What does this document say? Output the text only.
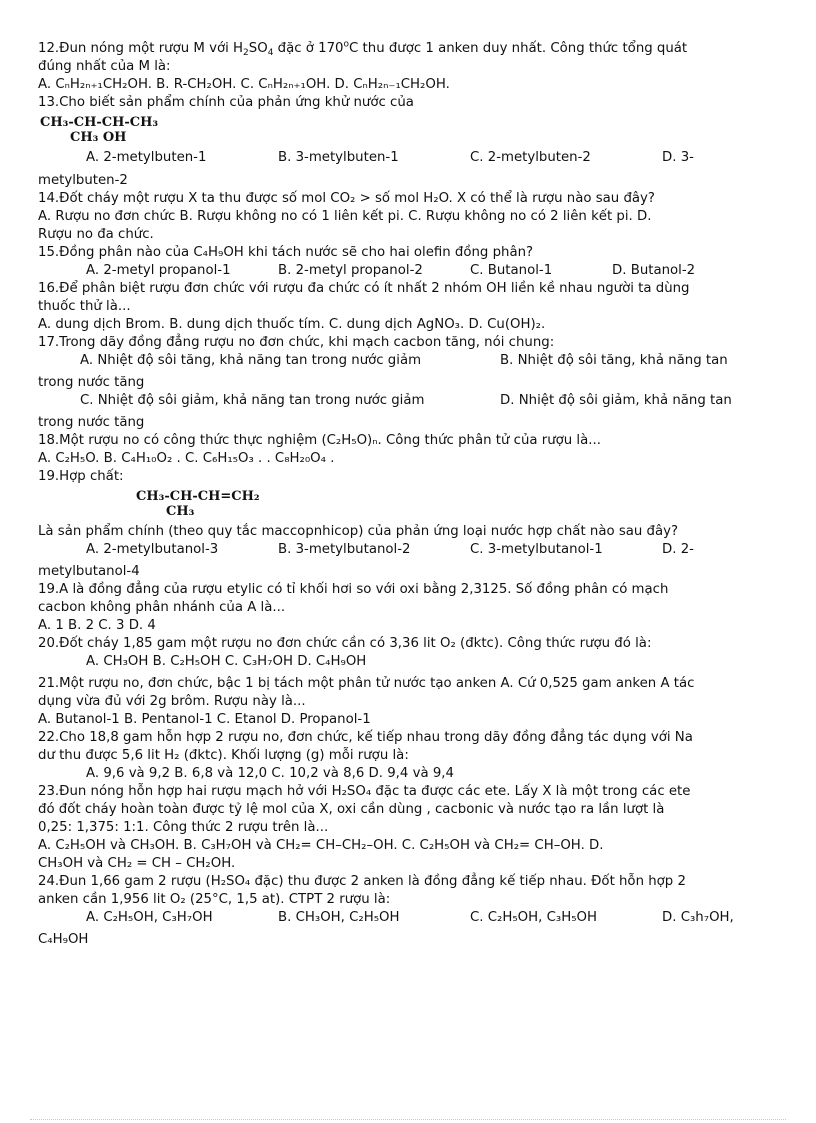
12.Đun nóng một rượu M với $H_2SO_4$ đặc ở 170$^o$C thu được 1 anken duy nhất. Công thức tổng quát
đúng nhất của M là:
A. CₙH₂ₙ₊₁CH₂OH. B. R-CH₂OH. C. CₙH₂ₙ₊₁OH. D. CₙH₂ₙ₋₁CH₂OH.
13.Cho biết sản phẩm chính của phản ứng khử nước của
CH₃-CH-CH-CH₃
CH₃ OH
A. 2-metylbuten-1	B. 3-metylbuten-1	C. 2-metylbuten-2	D. 3-
metylbuten-2
14.Đốt cháy một rượu X ta thu được số mol CO₂ > số mol H₂O. X có thể là rượu nào sau đây?
A. Rượu no đơn chức B. Rượu không no có 1 liên kết pi. C. Rượu không no có 2 liên kết pi. D.
Rượu no đa chức.
15.Đồng phân nào của C₄H₉OH khi tách nước sẽ cho hai olefin đồng phân?
A. 2-metyl propanol-1	B. 2-metyl propanol-2	C. Butanol-1	D. Butanol-2
16.Để phân biệt rượu đơn chức với rượu đa chức có ít nhất 2 nhóm OH liền kề nhau người ta dùng
thuốc thử là...
A. dung dịch Brom. B. dung dịch thuốc tím. C. dung dịch AgNO₃. D. Cu(OH)₂.
17.Trong dãy đồng đẳng rượu no đơn chức, khi mạch cacbon tăng, nói chung:
A. Nhiệt độ sôi tăng, khả năng tan trong nước giảm	B. Nhiệt độ sôi tăng, khả năng tan
trong nước tăng
C. Nhiệt độ sôi giảm, khả năng tan trong nước giảm	D. Nhiệt độ sôi giảm, khả năng tan
trong nước tăng
18.Một rượu no có công thức thực nghiệm (C₂H₅O)ₙ. Công thức phân tử của rượu là...
A. C₂H₅O. B. C₄H₁₀O₂ . C. C₆H₁₅O₃ . . C₈H₂₀O₄ .
19.Hợp chất:
CH₃-CH-CH=CH₂
CH₃
Là sản phẩm chính (theo quy tắc maccopnhicop) của phản ứng loại nước hợp chất nào sau đây?
A. 2-metylbutanol-3	B. 3-metylbutanol-2	C. 3-metylbutanol-1	D. 2-
metylbutanol-4
19.A là đồng đẳng của rượu etylic có tỉ khối hơi so với oxi bằng 2,3125. Số đồng phân có mạch
cacbon không phân nhánh của A là...
A. 1 B. 2 C. 3 D. 4
20.Đốt cháy 1,85 gam một rượu no đơn chức cần có 3,36 lit O₂ (đktc). Công thức rượu đó là:
A. CH₃OH B. C₂H₅OH C. C₃H₇OH D. C₄H₉OH
21.Một rượu no, đơn chức, bậc 1 bị tách một phân tử nước tạo anken A. Cứ 0,525 gam anken A tác
dụng vừa đủ với 2g brôm. Rượu này là...
A. Butanol-1 B. Pentanol-1 C. Etanol D. Propanol-1
22.Cho 18,8 gam hỗn hợp 2 rượu no, đơn chức, kế tiếp nhau trong dãy đồng đẳng tác dụng với Na
dư thu được 5,6 lit H₂ (đktc). Khối lượng (g) mỗi rượu là:
A. 9,6 và 9,2 B. 6,8 và 12,0 C. 10,2 và 8,6 D. 9,4 và 9,4
23.Đun nóng hỗn hợp hai rượu mạch hở với H₂SO₄ đặc ta được các ete. Lấy X là một trong các ete
đó đốt cháy hoàn toàn được tỷ lệ mol của X, oxi cần dùng , cacbonic và nước tạo ra lần lượt là
0,25: 1,375: 1:1. Công thức 2 rượu trên là...
A. C₂H₅OH và CH₃OH. B. C₃H₇OH và CH₂= CH–CH₂–OH. C. C₂H₅OH và CH₂= CH–OH. D.
CH₃OH và CH₂ = CH – CH₂OH.
24.Đun 1,66 gam 2 rượu (H₂SO₄ đặc) thu được 2 anken là đồng đẳng kế tiếp nhau. Đốt hỗn hợp 2
anken cần 1,956 lit O₂ (25°C, 1,5 at). CTPT 2 rượu là:
A. C₂H₅OH, C₃H₇OH	B. CH₃OH, C₂H₅OH	C. C₂H₅OH, C₃H₅OH	D. C₃h₇OH,
C₄H₉OH
